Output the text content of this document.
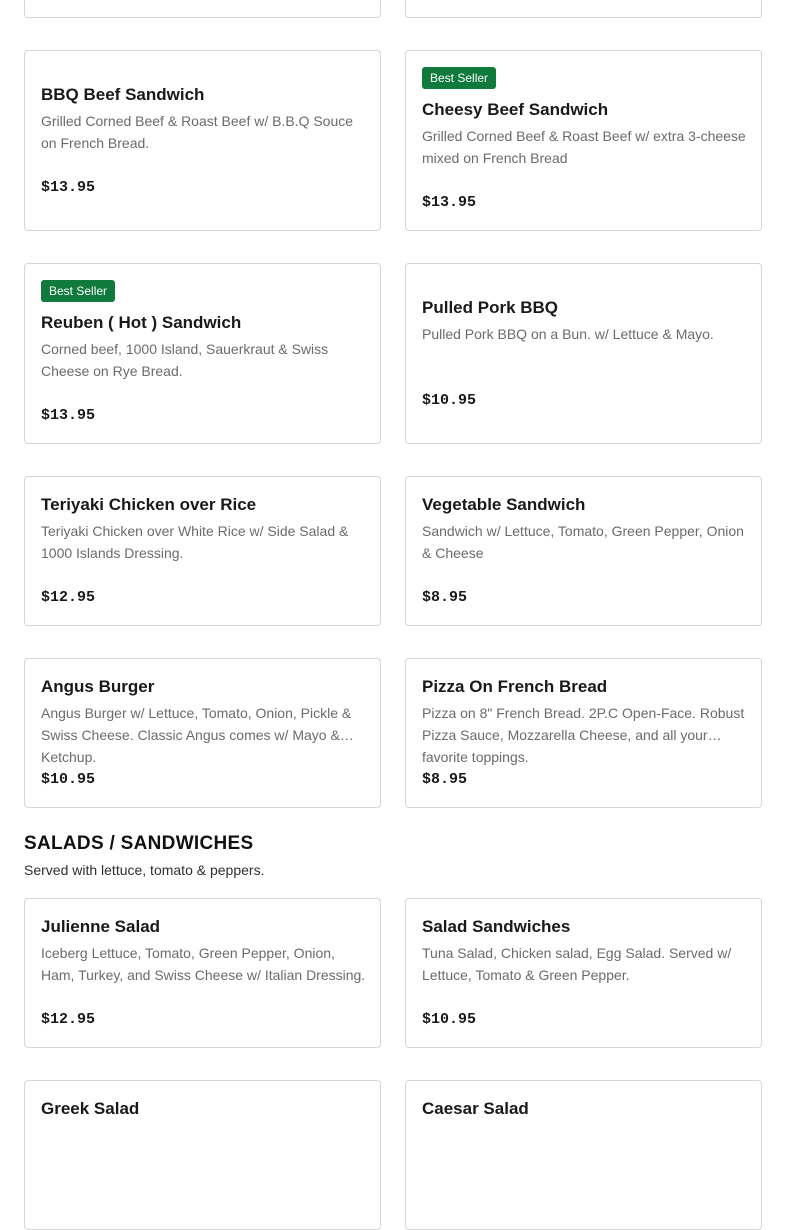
BBQ Beef Sandwich
Grilled Corned Beef & Roast Beef w/ B.B.Q Souce on French Bread.
$13.95
Best Seller
Cheesy Beef Sandwich
Grilled Corned Beef & Roast Beef w/ extra 3-cheese mixed on French Bread
$13.95
Best Seller
Reuben ( Hot ) Sandwich
Corned beef, 1000 Island, Sauerkraut & Swiss Cheese on Rye Bread.
$13.95
Pulled Pork BBQ
Pulled Pork BBQ on a Bun. w/ Lettuce & Mayo.
$10.95
Teriyaki Chicken over Rice
Teriyaki Chicken over White Rice w/ Side Salad & 1000 Islands Dressing.
$12.95
Vegetable Sandwich
Sandwich w/ Lettuce, Tomato, Green Pepper, Onion & Cheese
$8.95
Angus Burger
Angus Burger w/ Lettuce, Tomato, Onion, Pickle & Swiss Cheese. Classic Angus comes w/ Mayo & Ketchup.
$10.95
Pizza On French Bread
Pizza on 8" French Bread. 2P.C Open-Face. Robust Pizza Sauce, Mozzarella Cheese, and all your favorite toppings.
$8.95
SALADS / SANDWICHES
Served with lettuce, tomato & peppers.
Julienne Salad
Iceberg Lettuce, Tomato, Green Pepper, Onion, Ham, Turkey, and Swiss Cheese w/ Italian Dressing.
$12.95
Salad Sandwiches
Tuna Salad, Chicken salad, Egg Salad. Served w/ Lettuce, Tomato & Green Pepper.
$10.95
Greek Salad	Caesar Salad
